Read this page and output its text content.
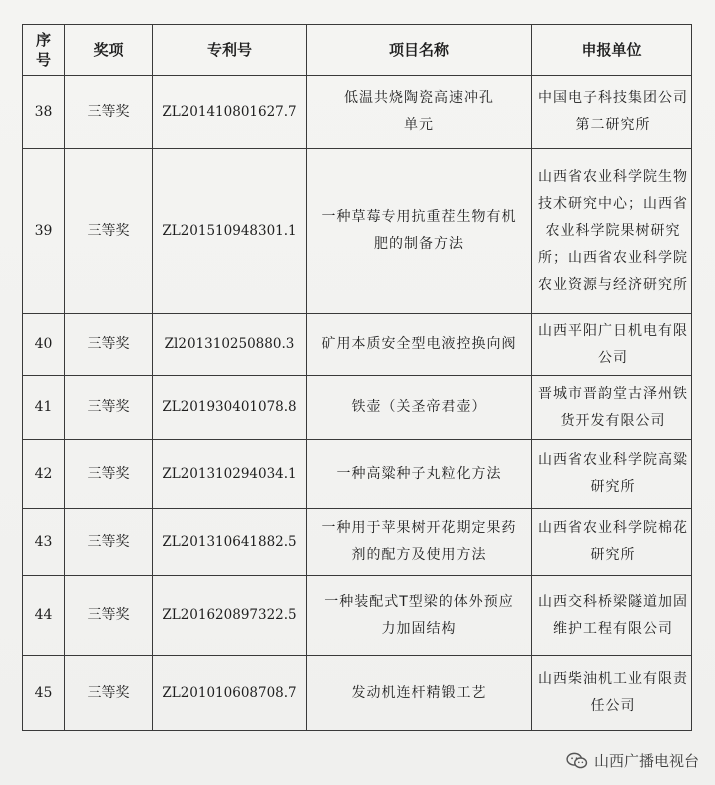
序号	奖项	专利号	项目名称	申报单位
38	三等奖	ZL201410801627.7	低温共烧陶瓷高速冲孔单元	中国电子科技集团公司第二研究所

39	三等奖	ZL201510948301.1	一种草莓专用抗重茬生物有机肥的制备方法	山西省农业科学院生物技术研究中心；山西省农业科学院果树研究所；山西省农业科学院农业资源与经济研究所

40	三等奖	Zl201310250880.3	矿用本质安全型电液控换向阀	山西平阳广日机电有限公司

41	三等奖	ZL201930401078.8	铁壶（关圣帝君壶）	晋城市晋韵堂古泽州铁货开发有限公司

42	三等奖	ZL201310294034.1	一种高粱种子丸粒化方法	山西省农业科学院高粱研究所

43	三等奖	ZL201310641882.5	一种用于苹果树开花期定果药剂的配方及使用方法	山西省农业科学院棉花研究所

44	三等奖	ZL201620897322.5	一种装配式T型梁的体外预应力加固结构	山西交科桥梁隧道加固维护工程有限公司

45	三等奖	ZL201010608708.7	发动机连杆精锻工艺	山西柴油机工业有限责任公司
山西广播电视台
